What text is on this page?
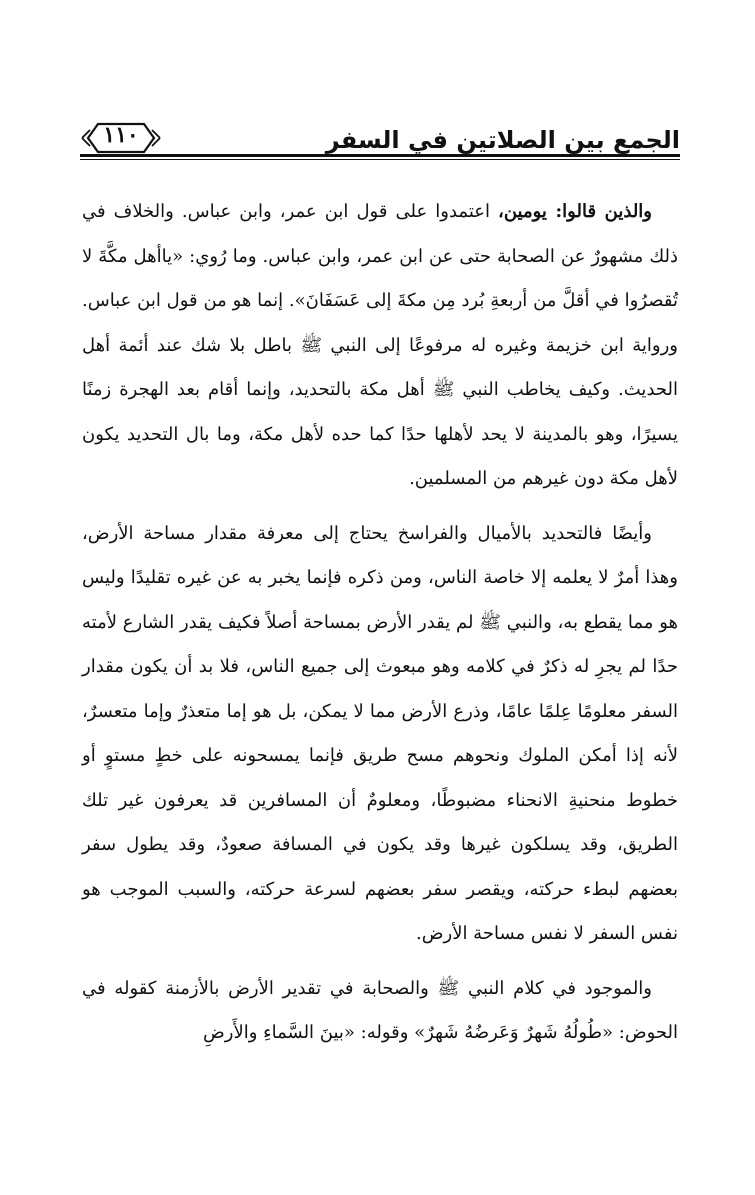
الجمع بين الصلاتين في السفر
١١٠

والذين قالوا: يومين، اعتمدوا على قول ابن عمر، وابن عباس. والخلاف في ذلك مشهورٌ عن الصحابة حتى عن ابن عمر، وابن عباس. وما رُوي: «ياأهل مكَّةَ لا تُقصرُوا في أقلَّ من أربعةِ بُرد مِن مكةَ إلى عَسَفَانَ». إنما هو من قول ابن عباس. ورواية ابن خزيمة وغيره له مرفوعًا إلى النبي ﷺ باطل بلا شك عند أئمة أهل الحديث. وكيف يخاطب النبي ﷺ أهل مكة بالتحديد، وإنما أقام بعد الهجرة زمنًا يسيرًا، وهو بالمدينة لا يحد لأهلها حدًا كما حده لأهل مكة، وما بال التحديد يكون لأهل مكة دون غيرهم من المسلمين.

وأيضًا فالتحديد بالأميال والفراسخ يحتاج إلى معرفة مقدار مساحة الأرض، وهذا أمرٌ لا يعلمه إلا خاصة الناس، ومن ذكره فإنما يخبر به عن غيره تقليدًا وليس هو مما يقطع به، والنبي ﷺ لم يقدر الأرض بمساحة أصلاً فكيف يقدر الشارع لأمته حدًا لم يجرِ له ذكرٌ في كلامه وهو مبعوث إلى جميع الناس، فلا بد أن يكون مقدار السفر معلومًا عِلمًا عامًا، وذرع الأرض مما لا يمكن، بل هو إما متعذرٌ وإما متعسرٌ، لأنه إذا أمكن الملوك ونحوهم مسح طريق فإنما يمسحونه على خطٍ مستوٍ أو خطوط منحنيةِ الانحناء مضبوطًا، ومعلومٌ أن المسافرين قد يعرفون غير تلك الطريق، وقد يسلكون غيرها وقد يكون في المسافة صعودٌ، وقد يطول سفر بعضهم لبطء حركته، ويقصر سفر بعضهم لسرعة حركته، والسبب الموجب هو نفس السفر لا نفس مساحة الأرض.

والموجود في كلام النبي ﷺ والصحابة في تقدير الأرض بالأزمنة كقوله في الحوض: «طُولُهُ شَهرٌ وَعَرضُهُ شَهرٌ» وقوله: «بينَ السَّماءِ والأَرضِ
